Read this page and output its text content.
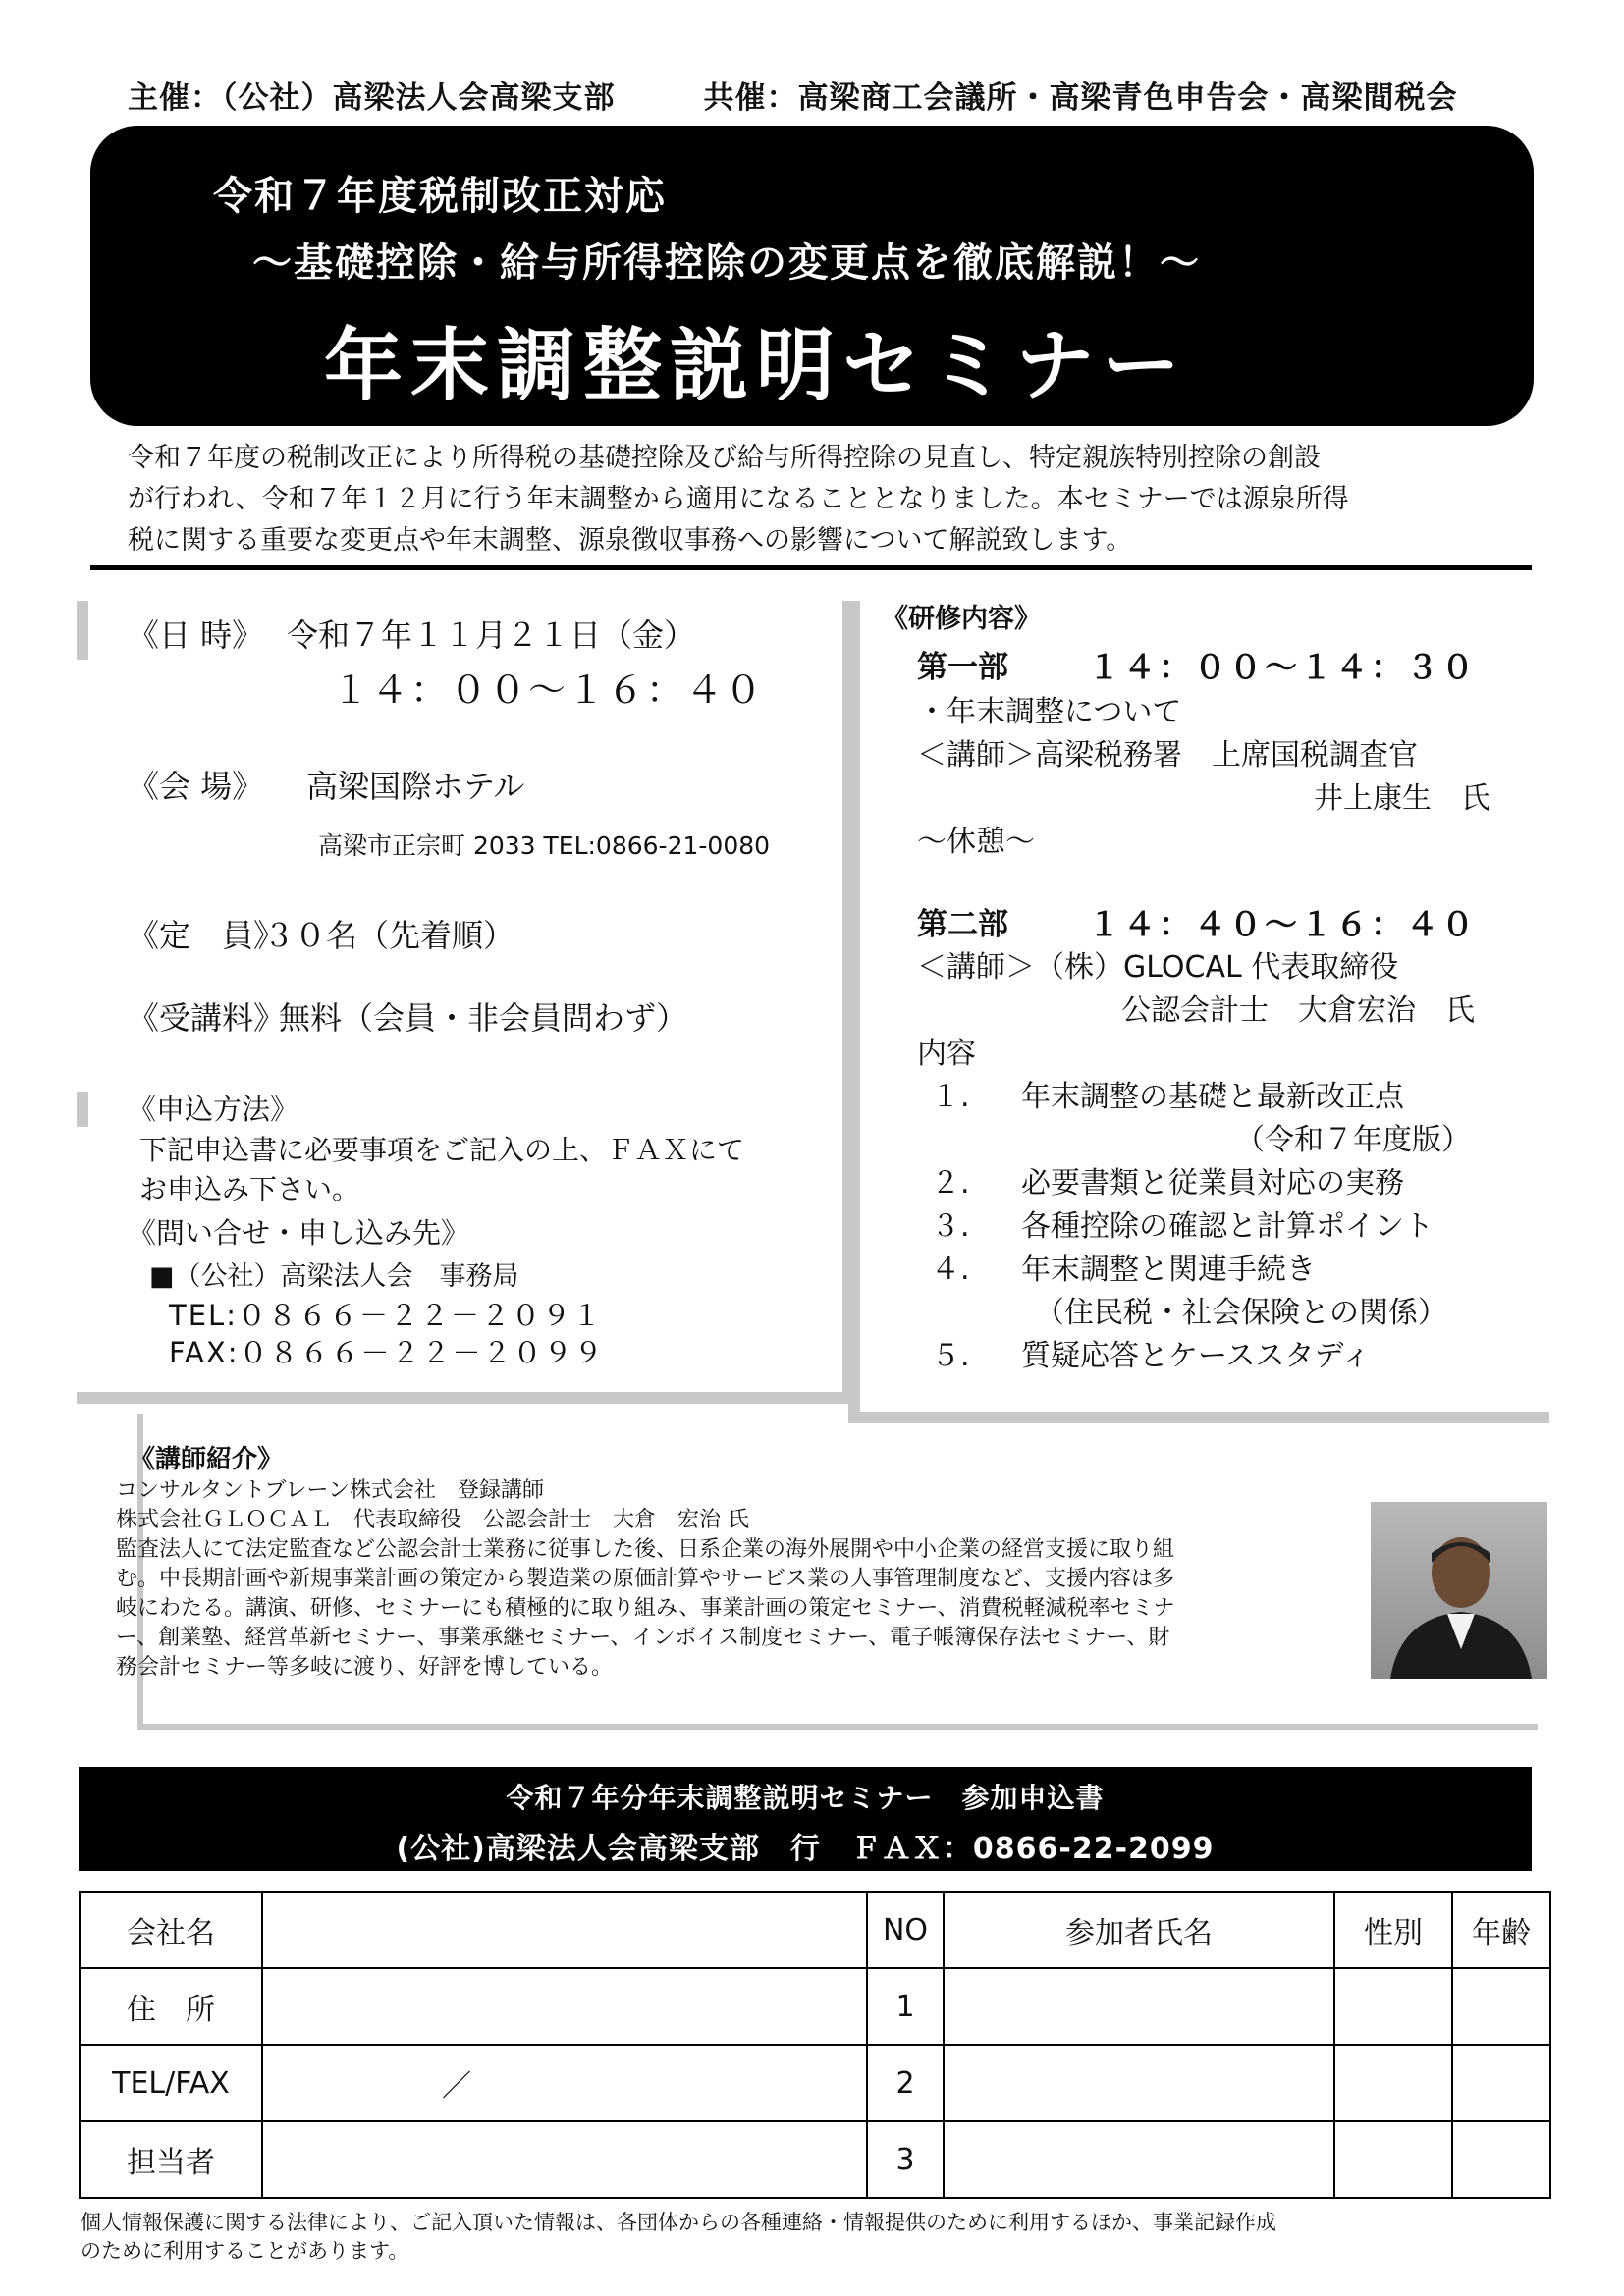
主催：（公社）高梁法人会高梁支部	共催：高梁商工会議所・高梁青色申告会・高梁間税会
令和７年度税制改正対応
～基礎控除・給与所得控除の変更点を徹底解説！～
年末調整説明セミナー
令和７年度の税制改正により所得税の基礎控除及び給与所得控除の見直し、特定親族特別控除の創設
が行われ、令和７年１２月に行う年末調整から適用になることとなりました。本セミナーでは源泉所得
税に関する重要な変更点や年末調整、源泉徴収事務への影響について解説致します。
《日 時》 令和７年１１月２１日（金）
１４：００～１６：４０
《会 場》 高梁国際ホテル
高梁市正宗町 2033 TEL:0866-21-0080
《定　員》
３０名（先着順）
《受講料》
無料（会員・非会員問わず）
《申込方法》
下記申込書に必要事項をご記入の上、ＦＡＸにて
お申込み下さい。
《問い合せ・申し込み先》
■（公社）高梁法人会　事務局
TEL:０８６６－２２－２０９１
FAX:０８６６－２２－２０９９
《研修内容》
第一部 １４：００～１４：３０
・年末調整について
＜講師＞高梁税務署　上席国税調査官
井上康生　氏
～休憩～
第二部 １４：４０～１６：４０
＜講師＞（株）GLOCAL 代表取締役
公認会計士　大倉宏治　氏
内容
１. 年末調整の基礎と最新改正点
（令和７年度版）
２. 必要書類と従業員対応の実務
３. 各種控除の確認と計算ポイント
４. 年末調整と関連手続き
（住民税・社会保険との関係）
５. 質疑応答とケーススタディ
《講師紹介》
コンサルタントブレーン株式会社　登録講師
株式会社ＧＬＯＣＡＬ　代表取締役　公認会計士　大倉　宏治 氏
監査法人にて法定監査など公認会計士業務に従事した後、日系企業の海外展開や中小企業の経営支援に取り組
む。中長期計画や新規事業計画の策定から製造業の原価計算やサービス業の人事管理制度など、支援内容は多
岐にわたる。講演、研修、セミナーにも積極的に取り組み、事業計画の策定セミナー、消費税軽減税率セミナ
ー、創業塾、経営革新セミナー、事業承継セミナー、インボイス制度セミナー、電子帳簿保存法セミナー、財
務会計セミナー等多岐に渡り、好評を博している。
令和７年分年末調整説明セミナー　参加申込書
(公社)高梁法人会高梁支部　行　ＦＡＸ：0866-22-2099
会社名		NO	参加者氏名	性別	年齢
住　所		1			
TEL/FAX	／	2			
担当者		3			
個人情報保護に関する法律により、ご記入頂いた情報は、各団体からの各種連絡・情報提供のために利用するほか、事業記録作成
のために利用することがあります。
